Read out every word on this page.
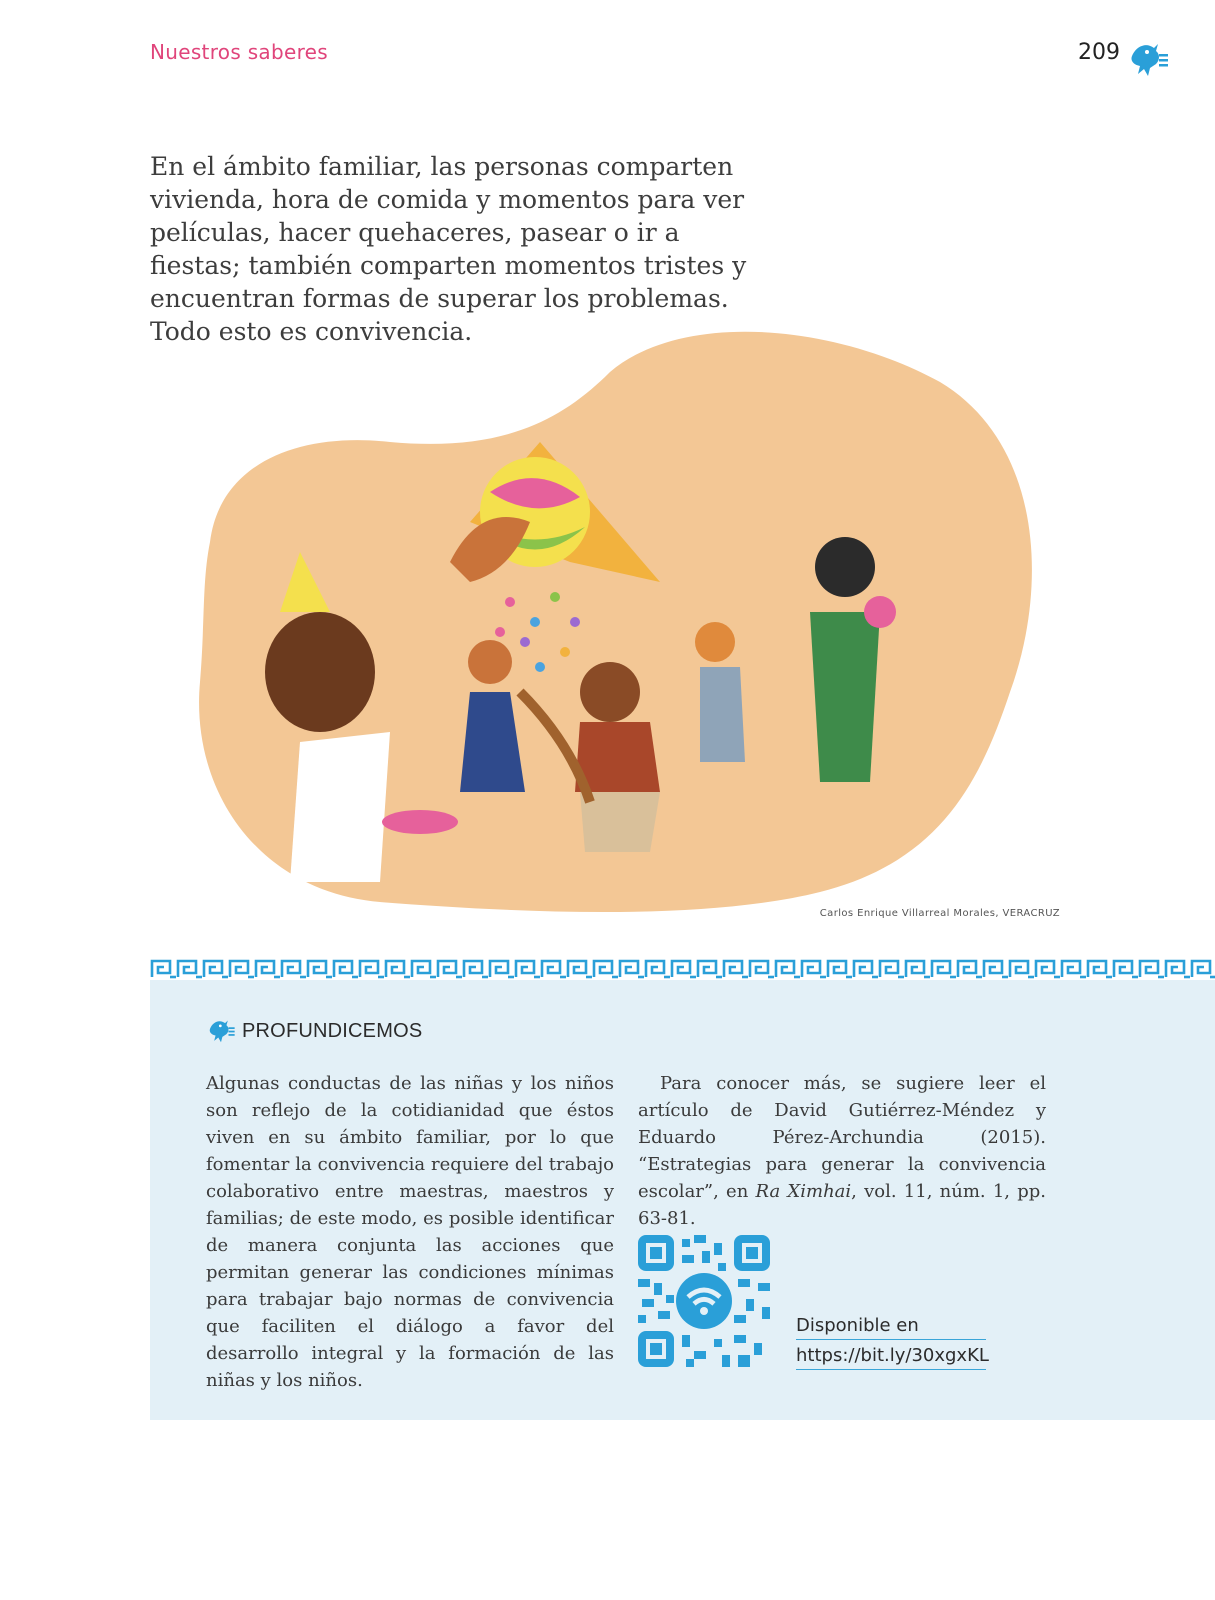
Nuestros saberes	209

En el ámbito familiar, las personas comparten vivienda, hora de comida y momentos para ver películas, hacer quehaceres, pasear o ir a fiestas; también comparten momentos tristes y encuentran formas de superar los problemas. Todo esto es convivencia.

Carlos Enrique Villarreal Morales, VERACRUZ
PROFUNDICEMOS

Algunas conductas de las niñas y los niños son reflejo de la cotidianidad que éstos viven en su ámbito familiar, por lo que fomentar la convivencia requiere del trabajo colaborativo entre maestras, maestros y familias; de este modo, es posible identificar de manera conjunta las acciones que permitan generar las condiciones mínimas para trabajar bajo normas de convivencia que faciliten el diálogo a favor del desarrollo integral y la formación de las niñas y los niños.

Para conocer más, se sugiere leer el artículo de David Gutiérrez-Méndez y Eduardo Pérez-Archundia (2015). “Estrategias para generar la convivencia escolar”, en Ra Ximhai, vol. 11, núm. 1, pp. 63-81.

Disponible en
https://bit.ly/30xgxKL
